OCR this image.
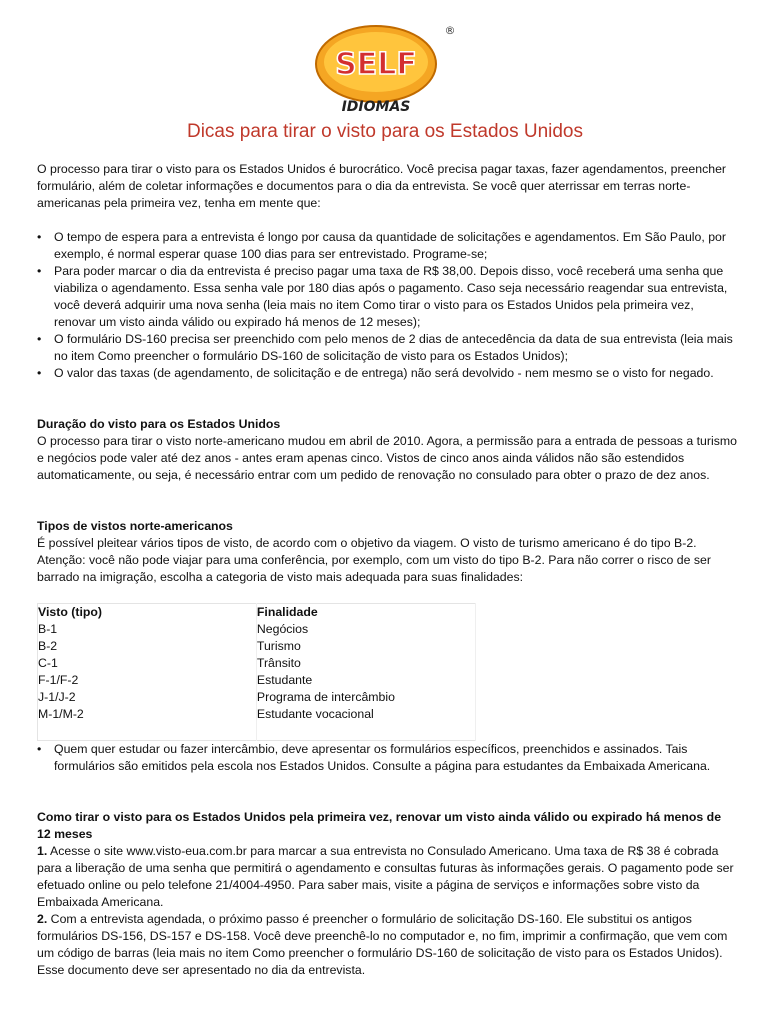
SELF
IDIOMAS
®
Dicas para tirar o visto para os Estados Unidos

O processo para tirar o visto para os Estados Unidos é burocrático. Você precisa pagar taxas, fazer agendamentos, preencher formulário, além de coletar informações e documentos para o dia da entrevista. Se você quer aterrissar em terras norte-americanas pela primeira vez, tenha em mente que:

• O tempo de espera para a entrevista é longo por causa da quantidade de solicitações e agendamentos. Em São Paulo, por exemplo, é normal esperar quase 100 dias para ser entrevistado. Programe-se;
• Para poder marcar o dia da entrevista é preciso pagar uma taxa de R$ 38,00. Depois disso, você receberá uma senha que viabiliza o agendamento. Essa senha vale por 180 dias após o pagamento. Caso seja necessário reagendar sua entrevista, você deverá adquirir uma nova senha (leia mais no item Como tirar o visto para os Estados Unidos pela primeira vez, renovar um visto ainda válido ou expirado há menos de 12 meses);
• O formulário DS-160 precisa ser preenchido com pelo menos de 2 dias de antecedência da data de sua entrevista (leia mais no item Como preencher o formulário DS-160 de solicitação de visto para os Estados Unidos);
• O valor das taxas (de agendamento, de solicitação e de entrega) não será devolvido - nem mesmo se o visto for negado.
Duração do visto para os Estados Unidos

O processo para tirar o visto norte-americano mudou em abril de 2010. Agora, a permissão para a entrada de pessoas a turismo e negócios pode valer até dez anos - antes eram apenas cinco. Vistos de cinco anos ainda válidos não são estendidos automaticamente, ou seja, é necessário entrar com um pedido de renovação no consulado para obter o prazo de dez anos.

Tipos de vistos norte-americanos

É possível pleitear vários tipos de visto, de acordo com o objetivo da viagem. O visto de turismo americano é do tipo B-2. Atenção: você não pode viajar para uma conferência, por exemplo, com um visto do tipo B-2. Para não correr o risco de ser barrado na imigração, escolha a categoria de visto mais adequada para suas finalidades:

Visto (tipo)	Finalidade
B-1	Negócios
B-2	Turismo
C-1	Trânsito
F-1/F-2	Estudante
J-1/J-2	Programa de intercâmbio
M-1/M-2	Estudante vocacional

• Quem quer estudar ou fazer intercâmbio, deve apresentar os formulários específicos, preenchidos e assinados. Tais formulários são emitidos pela escola nos Estados Unidos. Consulte a página para estudantes da Embaixada Americana.
Como tirar o visto para os Estados Unidos pela primeira vez, renovar um visto ainda válido ou expirado há menos de 12 meses

1. Acesse o site www.visto-eua.com.br para marcar a sua entrevista no Consulado Americano. Uma taxa de R$ 38 é cobrada para a liberação de uma senha que permitirá o agendamento e consultas futuras às informações gerais. O pagamento pode ser efetuado online ou pelo telefone 21/4004-4950. Para saber mais, visite a página de serviços e informações sobre visto da Embaixada Americana.

2. Com a entrevista agendada, o próximo passo é preencher o formulário de solicitação DS-160. Ele substitui os antigos formulários DS-156, DS-157 e DS-158. Você deve preenchê-lo no computador e, no fim, imprimir a confirmação, que vem com um código de barras (leia mais no item Como preencher o formulário DS-160 de solicitação de visto para os Estados Unidos). Esse documento deve ser apresentado no dia da entrevista.
